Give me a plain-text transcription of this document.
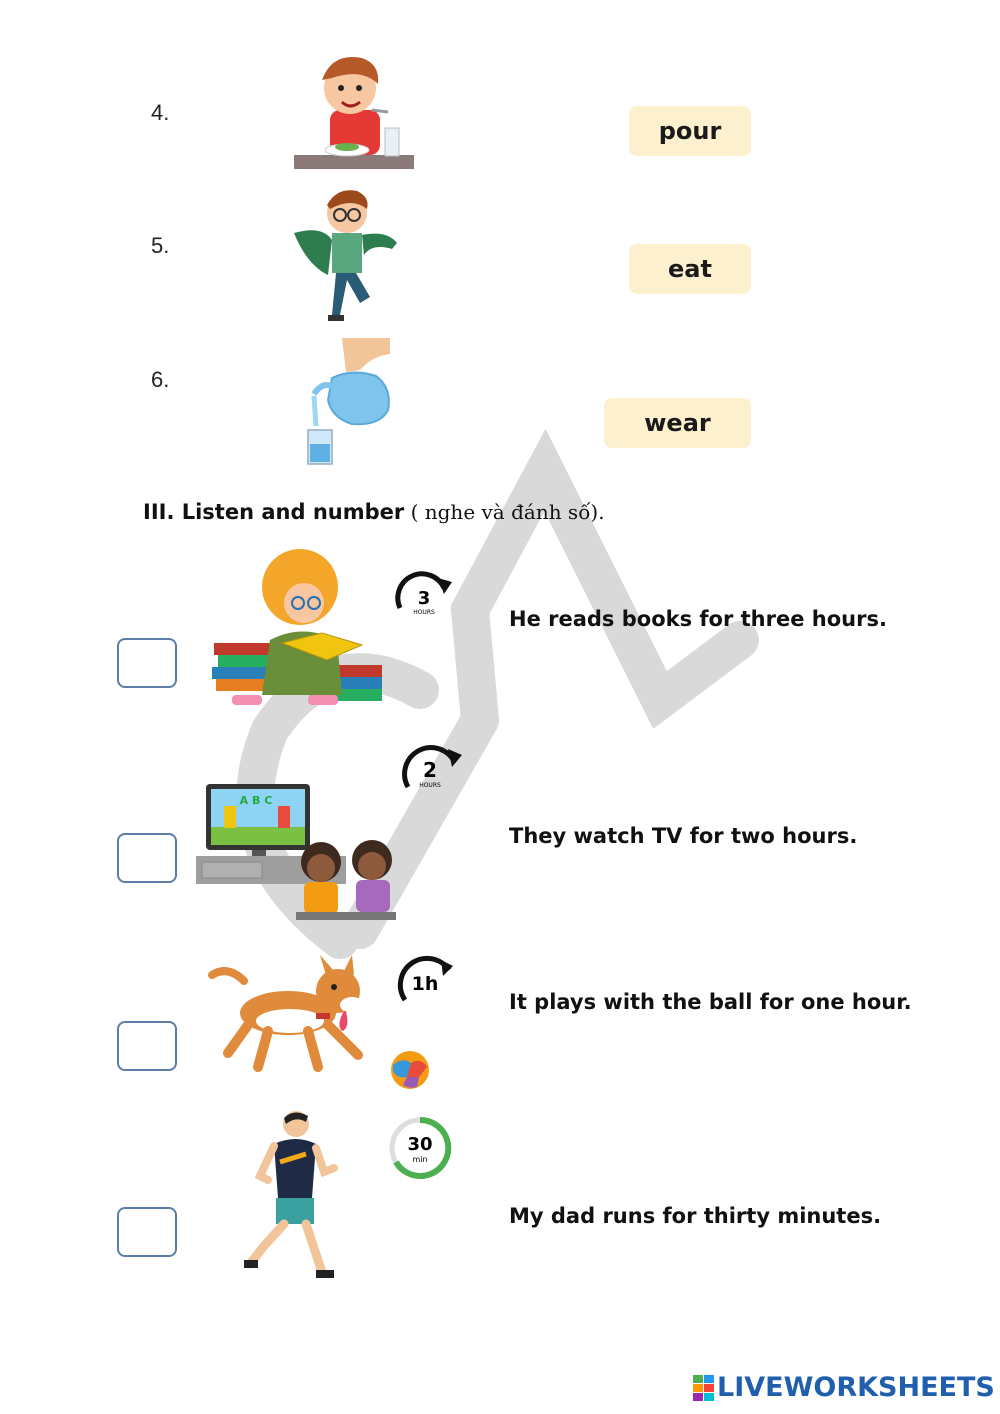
4.
5.
6.
pour
eat
wear
III. Listen and number ( nghe và đánh số).
3
HOURS	He reads books for three hours.
A B C
2
HOURS
They watch TV for two hours.
1h
It plays with the ball for one hour.
30
min
My dad runs for thirty minutes.
LIVEWORKSHEETS
